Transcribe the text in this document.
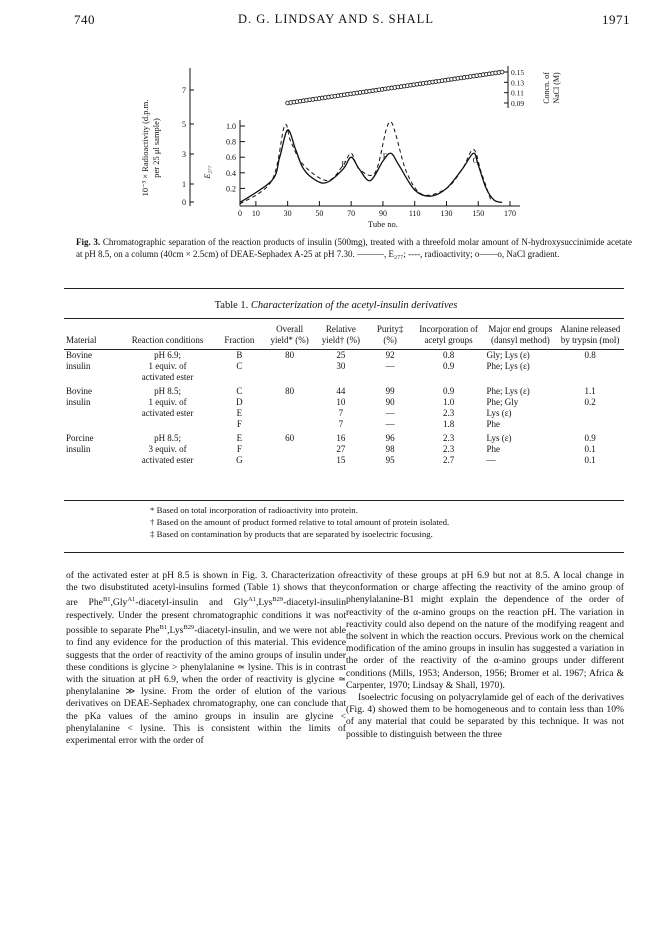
740	D. G. LINDSAY AND S. SHALL	1971
10⁻³ × Radioactivity (d.p.m. per 25 μl sample)
7
5
3
1
0
E₂₇₇
1.0
0.8
0.6
0.4
0.2
0 10	30	50	70	90	110 130 150 170
Tube no.
0.15
0.13
0.11
0.09 Concn. of NaCl (M)
E
F	G
Fig. 3. Chromatographic separation of the reaction products of insulin (500mg), treated with a threefold molar amount of N-hydroxysuccinimide acetate at pH 8.5, on a column (40cm × 2.5cm) of DEAE-Sephadex A-25 at pH 7.30. ———, E₂₇₇; ----, radioactivity; o——o, NaCl gradient.
Table 1. Characterization of the acetyl-insulin derivatives
Material	Reaction conditions	Fraction	Overall yield* (%)	Relative yield† (%)	Purity‡ (%)	Incorporation of acetyl groups	Major end groups (dansyl method)	Alanine released by trypsin (mol)

Bovine	pH 6.9;	B	80	25	92	0.8	Gly; Lys (ε)	0.8
insulin	1 equiv. of	C		30	—	0.9	Phe; Lys (ε)	
	activated ester							
Bovine	pH 8.5;	C	80	44	99	0.9	Phe; Lys (ε)	1.1
insulin	1 equiv. of	D		10	90	1.0	Phe; Gly	0.2
	activated ester	E		7	—	2.3	Lys (ε)	
		F		7	—	1.8	Phe	
Porcine	pH 8.5;	E	60	16	96	2.3	Lys (ε)	0.9
insulin	3 equiv. of	F		27	98	2.3	Phe	0.1
	activated ester	G		15	95	2.7	—	0.1
* Based on total incorporation of radioactivity into protein.
† Based on the amount of product formed relative to total amount of protein isolated.
‡ Based on contamination by products that are separated by isoelectric focusing.

of the activated ester at pH 8.5 is shown in Fig. 3. Characterization of the two disubstituted acetyl-insulins formed (Table 1) shows that they are Phe$^{B1}$,Gly$^{A1}$-diacetyl-insulin and Gly$^{A1}$,Lys$^{B29}$-diacetyl-insulin respectively. Under the present chromatographic conditions it was not possible to separate Phe$^{B1}$,Lys$^{B29}$-diacetyl-insulin, and we were not able to find any evidence for the production of this material. This evidence suggests that the order of reactivity of the amino groups of insulin under these conditions is glycine > phenylalanine ≃ lysine. This is in contrast with the situation at pH 6.9, when the order of reactivity is glycine ≃ phenylalanine ≫ lysine. From the order of elution of the various derivatives on DEAE-Sephadex chromatography, one can conclude that the pKa values of the amino groups in insulin are glycine < phenylalanine < lysine. This is consistent within the limits of experimental error with the order of

reactivity of these groups at pH 6.9 but not at 8.5. A local change in conformation or charge affecting the reactivity of the amino group of phenylalanine-B1 might explain the dependence of the order of reactivity of the α-amino groups on the reaction pH. The variation in reactivity could also depend on the nature of the modifying reagent and the solvent in which the reaction occurs. Previous work on the chemical modification of the amino groups in insulin has suggested a variation in the order of the reactivity of the α-amino groups under different conditions (Mills, 1953; Anderson, 1956; Bromer et al. 1967; Africa & Carpenter, 1970; Lindsay & Shall, 1970).

Isoelectric focusing on polyacrylamide gel of each of the derivatives (Fig. 4) showed them to be homogeneous and to contain less than 10% of any material that could be separated by this technique. It was not possible to distinguish between the three
